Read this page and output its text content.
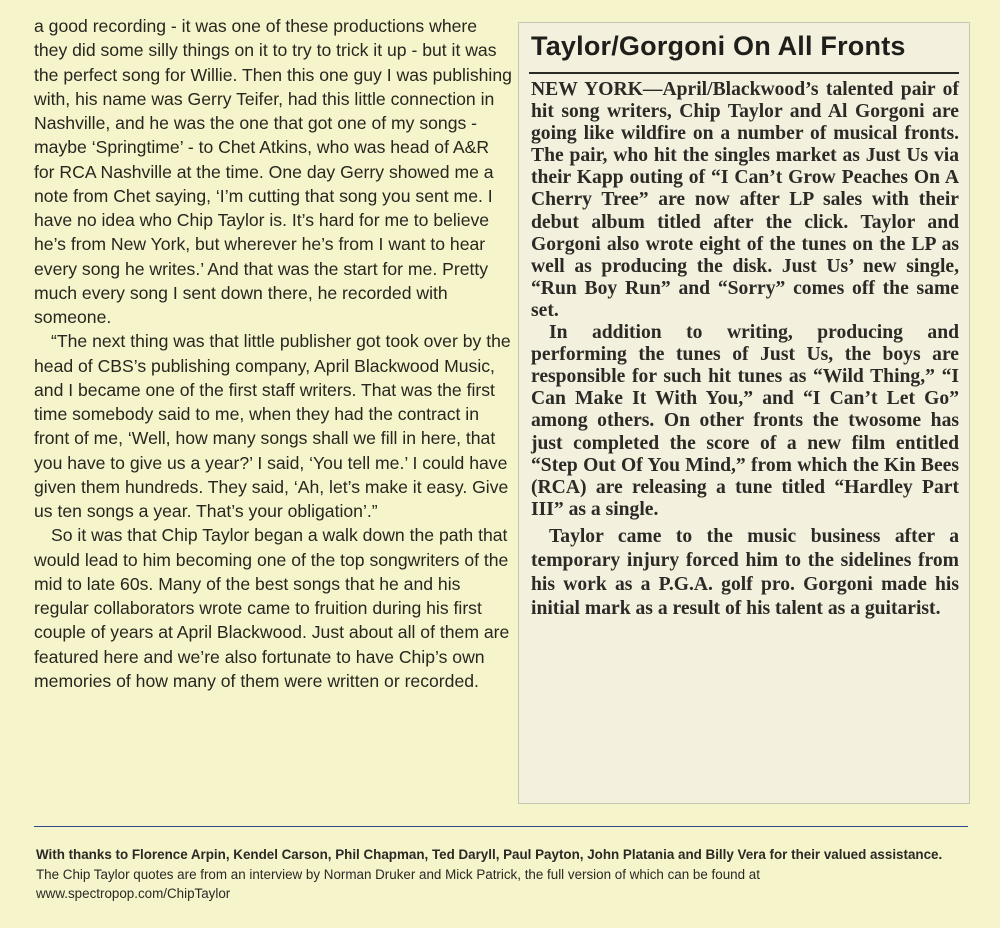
a good recording - it was one of these productions where they did some silly things on it to try to trick it up - but it was the perfect song for Willie. Then this one guy I was publishing with, his name was Gerry Teifer, had this little connection in Nashville, and he was the one that got one of my songs - maybe ‘Springtime’ - to Chet Atkins, who was head of A&R for RCA Nashville at the time. One day Gerry showed me a note from Chet saying, ‘I’m cutting that song you sent me. I have no idea who Chip Taylor is. It’s hard for me to believe he’s from New York, but wherever he’s from I want to hear every song he writes.’ And that was the start for me. Pretty much every song I sent down there, he recorded with someone.

“The next thing was that little publisher got took over by the head of CBS’s publishing company, April Blackwood Music, and I became one of the first staff writers. That was the first time somebody said to me, when they had the contract in front of me, ‘Well, how many songs shall we fill in here, that you have to give us a year?’ I said, ‘You tell me.’ I could have given them hundreds. They said, ‘Ah, let’s make it easy. Give us ten songs a year. That’s your obligation’.”

So it was that Chip Taylor began a walk down the path that would lead to him becoming one of the top songwriters of the mid to late 60s. Many of the best songs that he and his regular collaborators wrote came to fruition during his first couple of years at April Blackwood. Just about all of them are featured here and we’re also fortunate to have Chip’s own memories of how many of them were written or recorded.

Taylor/Gorgoni On All Fronts

NEW YORK—April/Blackwood’s talented pair of hit song writers, Chip Taylor and Al Gorgoni are going like wildfire on a number of musical fronts. The pair, who hit the singles market as Just Us via their Kapp outing of “I Can’t Grow Peaches On A Cherry Tree” are now after LP sales with their debut album titled after the click. Taylor and Gorgoni also wrote eight of the tunes on the LP as well as producing the disk. Just Us’ new single, “Run Boy Run” and “Sorry” comes off the same set.

In addition to writing, producing and performing the tunes of Just Us, the boys are responsible for such hit tunes as “Wild Thing,” “I Can Make It With You,” and “I Can’t Let Go” among others. On other fronts the twosome has just completed the score of a new film entitled “Step Out Of You Mind,” from which the Kin Bees (RCA) are releasing a tune titled “Hardley Part III” as a single.

Taylor came to the music business after a temporary injury forced him to the sidelines from his work as a P.G.A. golf pro. Gorgoni made his initial mark as a result of his talent as a guitarist.

With thanks to Florence Arpin, Kendel Carson, Phil Chapman, Ted Daryll, Paul Payton, John Platania and Billy Vera for their valued assistance.
The Chip Taylor quotes are from an interview by Norman Druker and Mick Patrick, the full version of which can be found at
www.spectropop.com/ChipTaylor
